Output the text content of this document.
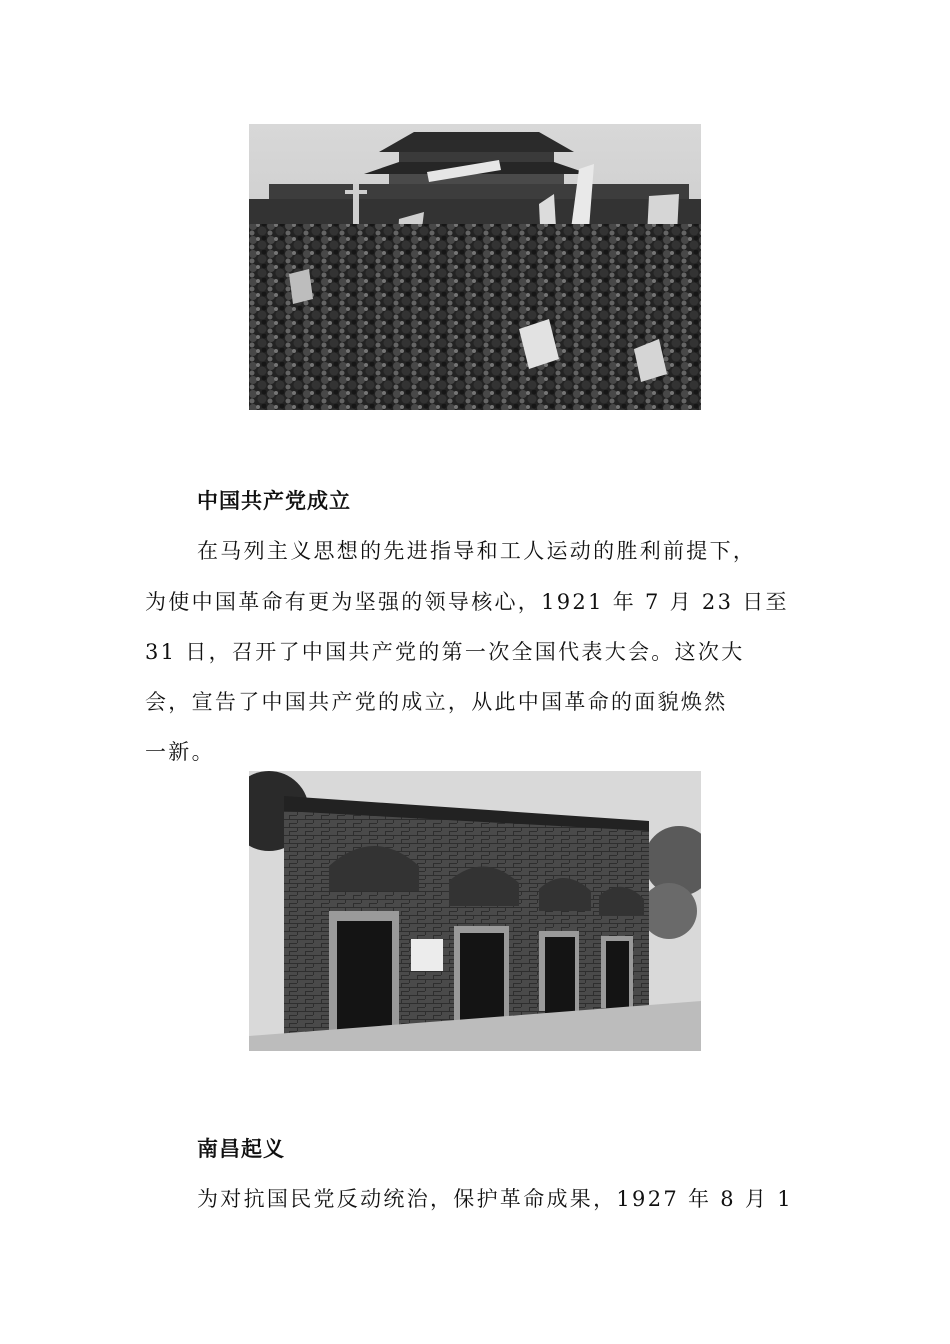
中国共产党成立

在马列主义思想的先进指导和工人运动的胜利前提下，

为使中国革命有更为坚强的领导核心，1921 年 7 月 23 日至

31 日，召开了中国共产党的第一次全国代表大会。这次大

会，宣告了中国共产党的成立，从此中国革命的面貌焕然

一新。

南昌起义

为对抗国民党反动统治，保护革命成果，1927 年 8 月 1
